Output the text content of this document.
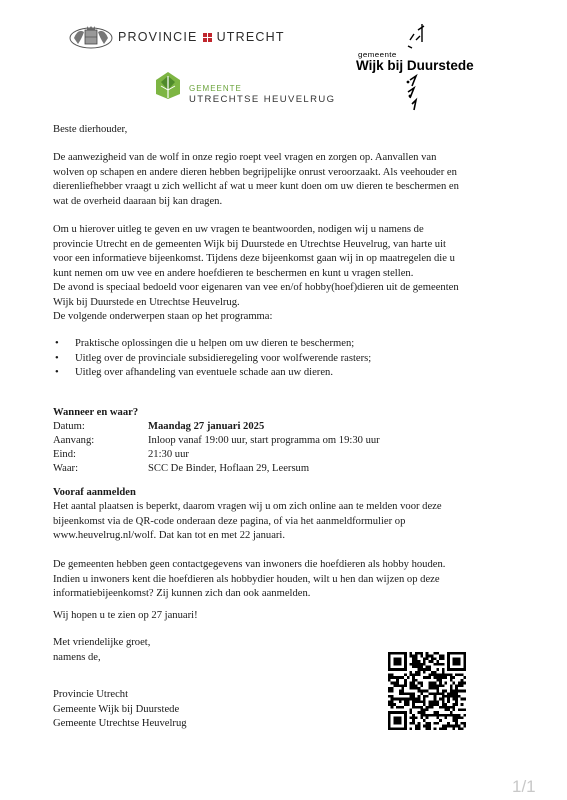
PROVINCIE UTRECHT
GEMEENTE
UTRECHTSE HEUVELRUG
gemeente
Wijk bij Duurstede
Beste dierhouder,

De aanwezigheid van de wolf in onze regio roept veel vragen en zorgen op. Aanvallen van

wolven op schapen en andere dieren hebben begrijpelijke onrust veroorzaakt. Als veehouder en

dierenliefhebber vraagt u zich wellicht af wat u meer kunt doen om uw dieren te beschermen en

wat de overheid daaraan bij kan dragen.

Om u hierover uitleg te geven en uw vragen te beantwoorden, nodigen wij u namens de

provincie Utrecht en de gemeenten Wijk bij Duurstede en Utrechtse Heuvelrug, van harte uit

voor een informatieve bijeenkomst. Tijdens deze bijeenkomst gaan wij in op maatregelen die u

kunt nemen om uw vee en andere hoefdieren te beschermen en kunt u vragen stellen.

De avond is speciaal bedoeld voor eigenaren van vee en/of hobby(hoef)dieren uit de gemeenten

Wijk bij Duurstede en Utrechtse Heuvelrug.

De volgende onderwerpen staan op het programma:
• Praktische oplossingen die u helpen om uw dieren te beschermen;
• Uitleg over de provinciale subsidieregeling voor wolfwerende rasters;
• Uitleg over afhandeling van eventuele schade aan uw dieren.
Wanneer en waar?
Datum:	Maandag 27 januari 2025
Aanvang:	Inloop vanaf 19:00 uur, start programma om 19:30 uur
Eind:	21:30 uur
Waar:	SCC De Binder, Hoflaan 29, Leersum
Vooraf aanmelden

Het aantal plaatsen is beperkt, daarom vragen wij u om zich online aan te melden voor deze

bijeenkomst via de QR-code onderaan deze pagina, of via het aanmeldformulier op

www.heuvelrug.nl/wolf. Dat kan tot en met 22 januari.

De gemeenten hebben geen contactgegevens van inwoners die hoefdieren als hobby houden.

Indien u inwoners kent die hoefdieren als hobbydier houden, wilt u hen dan wijzen op deze

informatiebijeenkomst? Zij kunnen zich dan ook aanmelden.

Wij hopen u te zien op 27 januari!

Met vriendelijke groet,

namens de,

Provincie Utrecht

Gemeente Wijk bij Duurstede

Gemeente Utrechtse Heuvelrug

1/1
